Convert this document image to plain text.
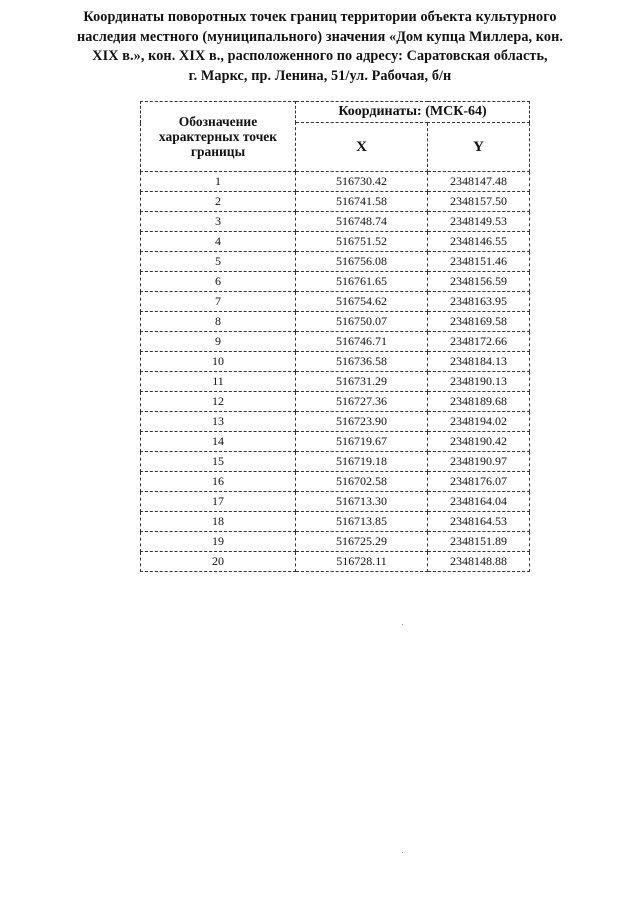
Координаты поворотных точек границ территории объекта культурного
наследия местного (муниципального) значения «Дом купца Миллера, кон.
XIX в.», кон. XIX в., расположенного по адресу: Саратовская область,
г. Маркс, пр. Ленина, 51/ул. Рабочая, б/н
Обозначение характерных точек границы	Координаты: (МСК-64)	
	X	Y
1	516730.42	2348147.48
2	516741.58	2348157.50
3	516748.74	2348149.53
4	516751.52	2348146.55
5	516756.08	2348151.46
6	516761.65	2348156.59
7	516754.62	2348163.95
8	516750.07	2348169.58
9	516746.71	2348172.66
10	516736.58	2348184.13
11	516731.29	2348190.13
12	516727.36	2348189.68
13	516723.90	2348194.02
14	516719.67	2348190.42
15	516719.18	2348190.97
16	516702.58	2348176.07
17	516713.30	2348164.04
18	516713.85	2348164.53
19	516725.29	2348151.89
20	516728.11	2348148.88
